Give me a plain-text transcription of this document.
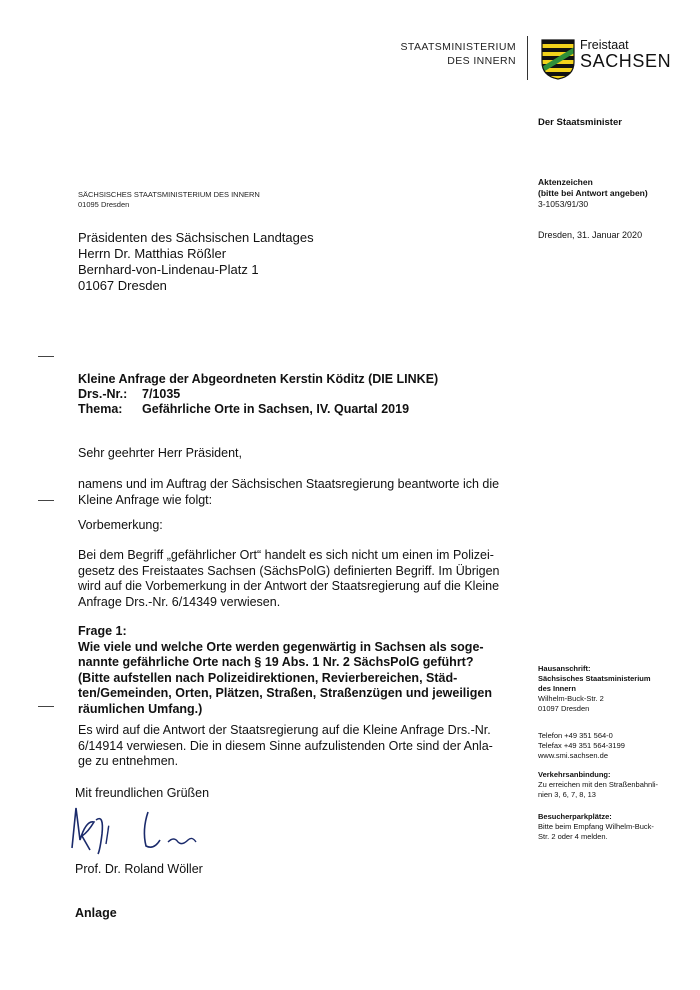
STAATSMINISTERIUM
DES INNERN
Freistaat
SACHSEN
Der Staatsminister
Aktenzeichen
(bitte bei Antwort angeben)
3-1053/91/30
Dresden, 31. Januar 2020
SÄCHSISCHES STAATSMINISTERIUM DES INNERN
01095 Dresden
Präsidenten des Sächsischen Landtages
Herrn Dr. Matthias Rößler
Bernhard-von-Lindenau-Platz 1
01067 Dresden
Kleine Anfrage der Abgeordneten Kerstin Köditz (DIE LINKE)
Drs.-Nr.: 7/1035
Thema: Gefährliche Orte in Sachsen, IV. Quartal 2019
Sehr geehrter Herr Präsident,
namens und im Auftrag der Sächsischen Staatsregierung beantworte ich die
Kleine Anfrage wie folgt:
Vorbemerkung:
Bei dem Begriff „gefährlicher Ort“ handelt es sich nicht um einen im Polizei-
gesetz des Freistaates Sachsen (SächsPolG) definierten Begriff. Im Übrigen
wird auf die Vorbemerkung in der Antwort der Staatsregierung auf die Kleine
Anfrage Drs.-Nr. 6/14349 verwiesen.
Frage 1:
Wie viele und welche Orte werden gegenwärtig in Sachsen als soge-
nannte gefährliche Orte nach § 19 Abs. 1 Nr. 2 SächsPolG geführt?
(Bitte aufstellen nach Polizeidirektionen, Revierbereichen, Städ-
ten/Gemeinden, Orten, Plätzen, Straßen, Straßenzügen und jeweiligen
räumlichen Umfang.)
Es wird auf die Antwort der Staatsregierung auf die Kleine Anfrage Drs.-Nr.
6/14914 verwiesen. Die in diesem Sinne aufzulistenden Orte sind der Anla-
ge zu entnehmen.
Mit freundlichen Grüßen
Prof. Dr. Roland Wöller
Anlage
Hausanschrift:
Sächsisches Staatsministerium
des Innern
Wilhelm-Buck-Str. 2
01097 Dresden
Telefon +49 351 564-0
Telefax +49 351 564-3199
www.smi.sachsen.de
Verkehrsanbindung:
Zu erreichen mit den Straßenbahnli-
nien 3, 6, 7, 8, 13
Besucherparkplätze:
Bitte beim Empfang Wilhelm-Buck-
Str. 2 oder 4 melden.
